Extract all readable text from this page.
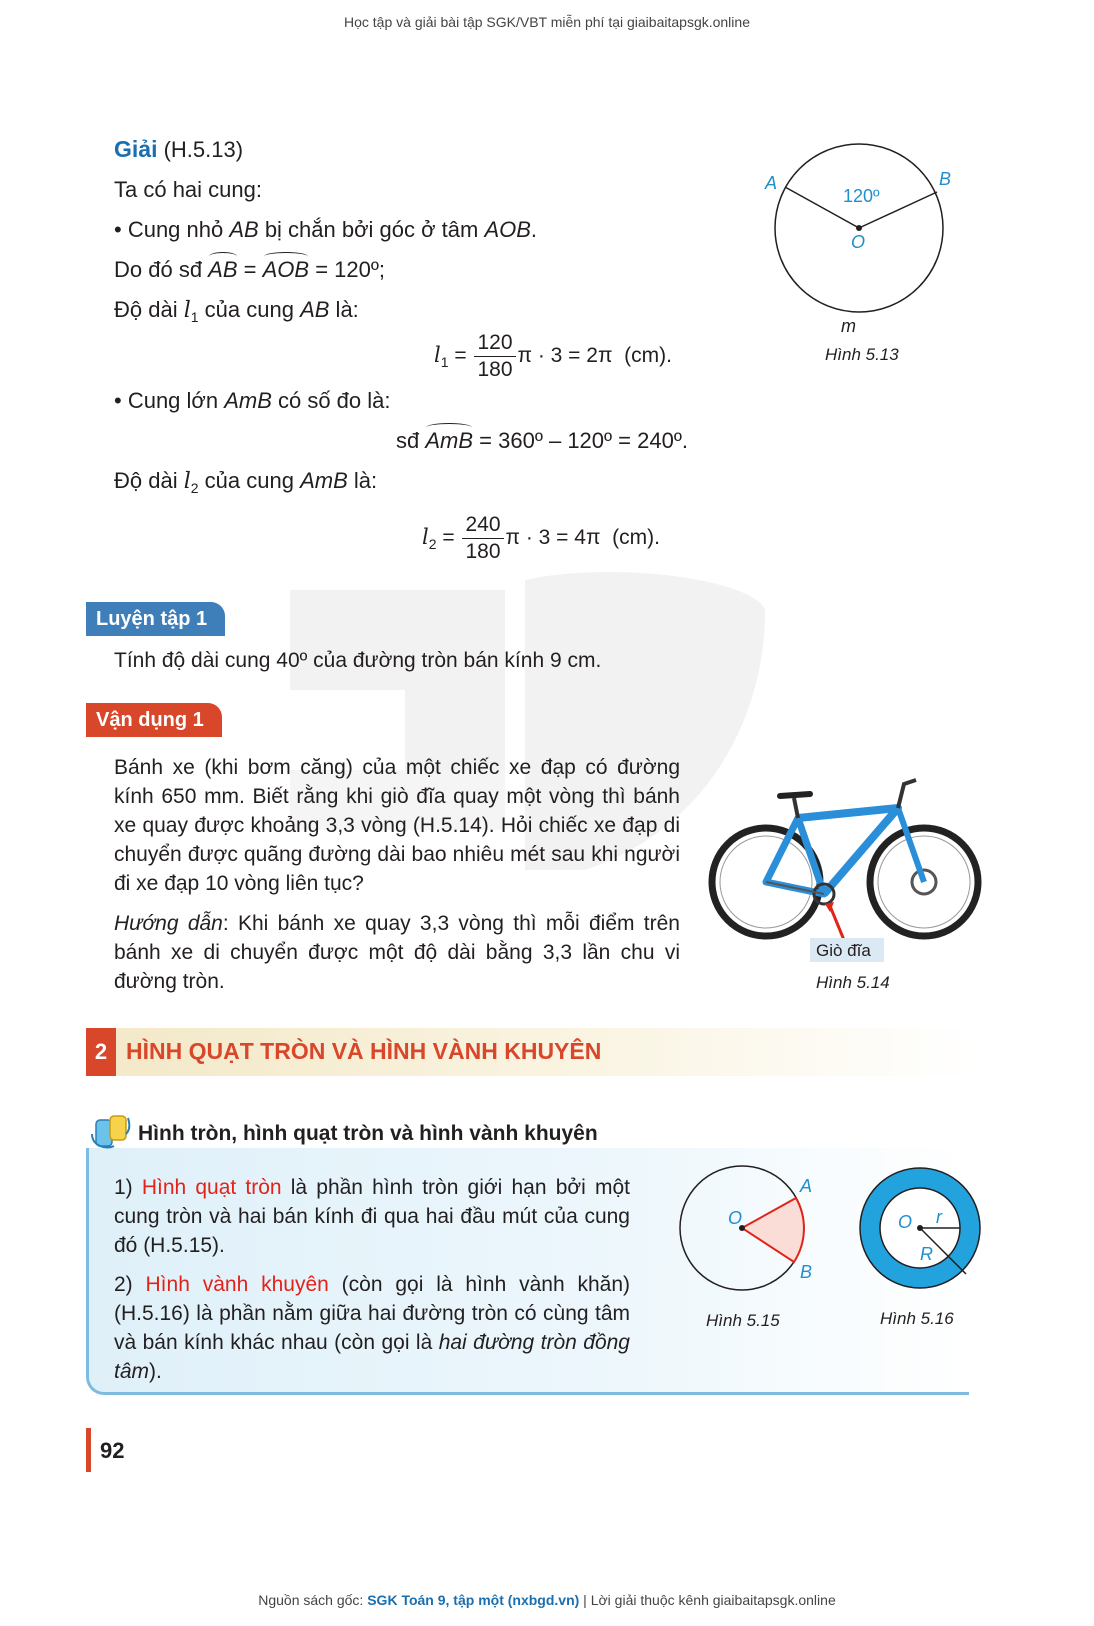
Học tập và giải bài tập SGK/VBT miễn phí tại giaibaitapsgk.online
Giải (H.5.13)
Ta có hai cung:
• Cung nhỏ AB bị chắn bởi góc ở tâm AOB.
Do đó sđ AB = AOB = 120º;
Độ dài $l_1$ của cung AB là:
$l_1 = \frac{120}{180}$ π · 3 = 2π  (cm).
• Cung lớn AmB có số đo là:
sđ AmB = 360º – 120º = 240º.
Độ dài $l_2$ của cung AmB là:
$l_2 = \frac{240}{180}$ π · 3 = 4π  (cm).
A	B
O
120º
m
Hình 5.13
Luyện tập 1
Tính độ dài cung 40º của đường tròn bán kính 9 cm.
Vận dụng 1
Bánh xe (khi bơm căng) của một chiếc xe đạp có đường kính 650 mm. Biết rằng khi giò đĩa quay một vòng thì bánh xe quay được khoảng 3,3 vòng (H.5.14). Hỏi chiếc xe đạp di chuyển được quãng đường dài bao nhiêu mét sau khi người đi xe đạp 10 vòng liên tục?
Hướng dẫn: Khi bánh xe quay 3,3 vòng thì mỗi điểm trên bánh xe di chuyển được một độ dài bằng 3,3 lần chu vi đường tròn.
Giò đĩa
Hình 5.14
2 HÌNH QUẠT TRÒN VÀ HÌNH VÀNH KHUYÊN
Hình tròn, hình quạt tròn và hình vành khuyên
1) Hình quạt tròn là phần hình tròn giới hạn bởi một cung tròn và hai bán kính đi qua hai đầu mút của cung đó (H.5.15).
2) Hình vành khuyên (còn gọi là hình vành khăn) (H.5.16) là phần nằm giữa hai đường tròn có cùng tâm và bán kính khác nhau (còn gọi là hai đường tròn đồng tâm).
O
A
B
Hình 5.15
O r
R
Hình 5.16
92
Nguồn sách gốc: SGK Toán 9, tập một (nxbgd.vn) | Lời giải thuộc kênh giaibaitapsgk.online
